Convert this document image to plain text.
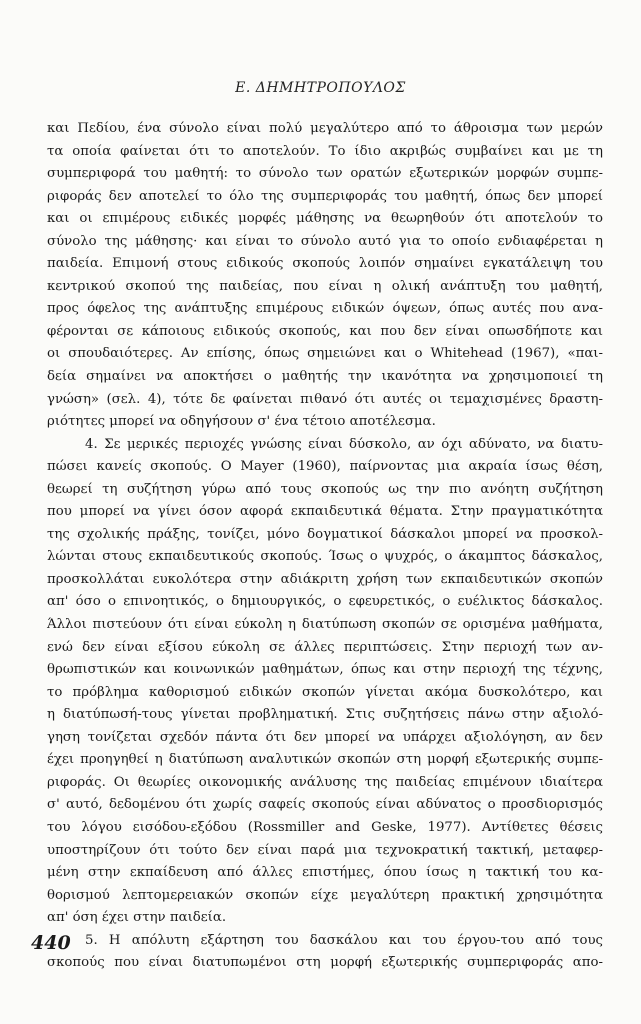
Ε. ΔΗΜΗΤΡΟΠΟΥΛΟΣ
και Πεδίου, ένα σύνολο είναι πολύ μεγαλύτερο από το άθροισμα των μερών
τα οποία φαίνεται ότι το αποτελούν. Το ίδιο ακριβώς συμβαίνει και με τη
συμπεριφορά του μαθητή: το σύνολο των ορατών εξωτερικών μορφών συμπε-
ριφοράς δεν αποτελεί το όλο της συμπεριφοράς του μαθητή, όπως δεν μπορεί
και οι επιμέρους ειδικές μορφές μάθησης να θεωρηθούν ότι αποτελούν το
σύνολο της μάθησης· και είναι το σύνολο αυτό για το οποίο ενδιαφέρεται η
παιδεία. Επιμονή στους ειδικούς σκοπούς λοιπόν σημαίνει εγκατάλειψη του
κεντρικού σκοπού της παιδείας, που είναι η ολική ανάπτυξη του μαθητή,
προς όφελος της ανάπτυξης επιμέρους ειδικών όψεων, όπως αυτές που ανα-
φέρονται σε κάποιους ειδικούς σκοπούς, και που δεν είναι οπωσδήποτε και
οι σπουδαιότερες. Αν επίσης, όπως σημειώνει και ο Whitehead (1967), «παι-
δεία σημαίνει να αποκτήσει ο μαθητής την ικανότητα να χρησιμοποιεί τη
γνώση» (σελ. 4), τότε δε φαίνεται πιθανό ότι αυτές οι τεμαχισμένες δραστη-
ριότητες μπορεί να οδηγήσουν σ' ένα τέτοιο αποτέλεσμα.
4. Σε μερικές περιοχές γνώσης είναι δύσκολο, αν όχι αδύνατο, να διατυ-
πώσει κανείς σκοπούς. Ο Mayer (1960), παίρνοντας μια ακραία ίσως θέση,
θεωρεί τη συζήτηση γύρω από τους σκοπούς ως την πιο ανόητη συζήτηση
που μπορεί να γίνει όσον αφορά εκπαιδευτικά θέματα. Στην πραγματικότητα
της σχολικής πράξης, τονίζει, μόνο δογματικοί δάσκαλοι μπορεί να προσκολ-
λώνται στους εκπαιδευτικούς σκοπούς. Ίσως ο ψυχρός, ο άκαμπτος δάσκαλος,
προσκολλάται ευκολότερα στην αδιάκριτη χρήση των εκπαιδευτικών σκοπών
απ' όσο ο επινοητικός, ο δημιουργικός, ο εφευρετικός, ο ευέλικτος δάσκαλος.
Άλλοι πιστεύουν ότι είναι εύκολη η διατύπωση σκοπών σε ορισμένα μαθήματα,
ενώ δεν είναι εξίσου εύκολη σε άλλες περιπτώσεις. Στην περιοχή των αν-
θρωπιστικών και κοινωνικών μαθημάτων, όπως και στην περιοχή της τέχνης,
το πρόβλημα καθορισμού ειδικών σκοπών γίνεται ακόμα δυσκολότερο, και
η διατύπωσή-τους γίνεται προβληματική. Στις συζητήσεις πάνω στην αξιολό-
γηση τονίζεται σχεδόν πάντα ότι δεν μπορεί να υπάρχει αξιολόγηση, αν δεν
έχει προηγηθεί η διατύπωση αναλυτικών σκοπών στη μορφή εξωτερικής συμπε-
ριφοράς. Οι θεωρίες οικονομικής ανάλυσης της παιδείας επιμένουν ιδιαίτερα
σ' αυτό, δεδομένου ότι χωρίς σαφείς σκοπούς είναι αδύνατος ο προσδιορισμός
του λόγου εισόδου-εξόδου (Rossmiller and Geske, 1977). Αντίθετες θέσεις
υποστηρίζουν ότι τούτο δεν είναι παρά μια τεχνοκρατική τακτική, μεταφερ-
μένη στην εκπαίδευση από άλλες επιστήμες, όπου ίσως η τακτική του κα-
θορισμού λεπτομερειακών σκοπών είχε μεγαλύτερη πρακτική χρησιμότητα
απ' όση έχει στην παιδεία.
5. Η απόλυτη εξάρτηση του δασκάλου και του έργου-του από τους
σκοπούς που είναι διατυπωμένοι στη μορφή εξωτερικής συμπεριφοράς απο-
440
